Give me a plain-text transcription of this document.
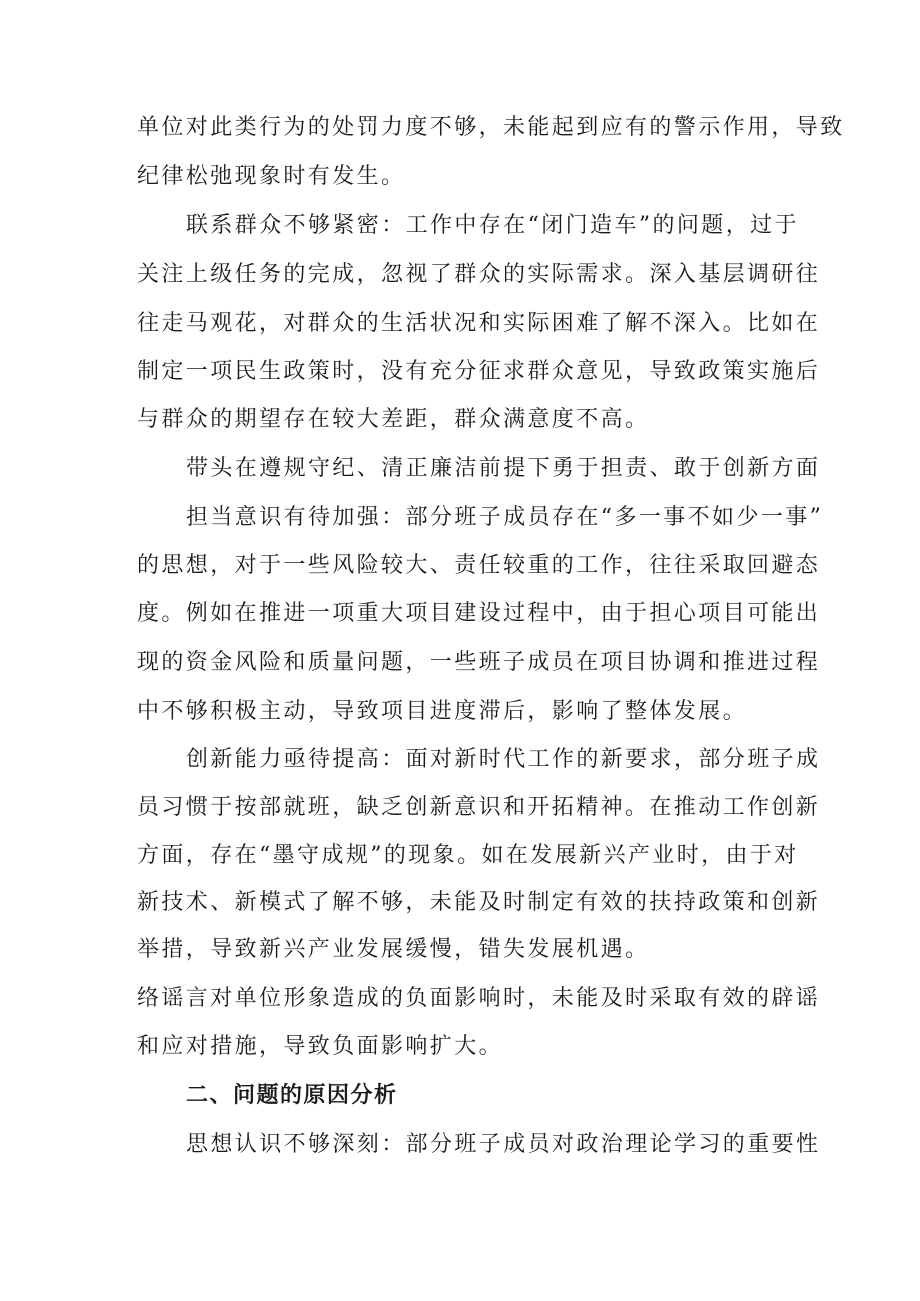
单位对此类行为的处罚力度不够，未能起到应有的警示作用，导致
纪律松弛现象时有发生。
联系群众不够紧密：工作中存在“闭门造车”的问题，过于
关注上级任务的完成，忽视了群众的实际需求。深入基层调研往
往走马观花，对群众的生活状况和实际困难了解不深入。比如在
制定一项民生政策时，没有充分征求群众意见，导致政策实施后
与群众的期望存在较大差距，群众满意度不高。
带头在遵规守纪、清正廉洁前提下勇于担责、敢于创新方面
担当意识有待加强：部分班子成员存在“多一事不如少一事”
的思想，对于一些风险较大、责任较重的工作，往往采取回避态
度。例如在推进一项重大项目建设过程中，由于担心项目可能出
现的资金风险和质量问题，一些班子成员在项目协调和推进过程
中不够积极主动，导致项目进度滞后，影响了整体发展。
创新能力亟待提高：面对新时代工作的新要求，部分班子成
员习惯于按部就班，缺乏创新意识和开拓精神。在推动工作创新
方面，存在“墨守成规”的现象。如在发展新兴产业时，由于对
新技术、新模式了解不够，未能及时制定有效的扶持政策和创新
举措，导致新兴产业发展缓慢，错失发展机遇。
络谣言对单位形象造成的负面影响时，未能及时采取有效的辟谣
和应对措施，导致负面影响扩大。
二、问题的原因分析
思想认识不够深刻：部分班子成员对政治理论学习的重要性
